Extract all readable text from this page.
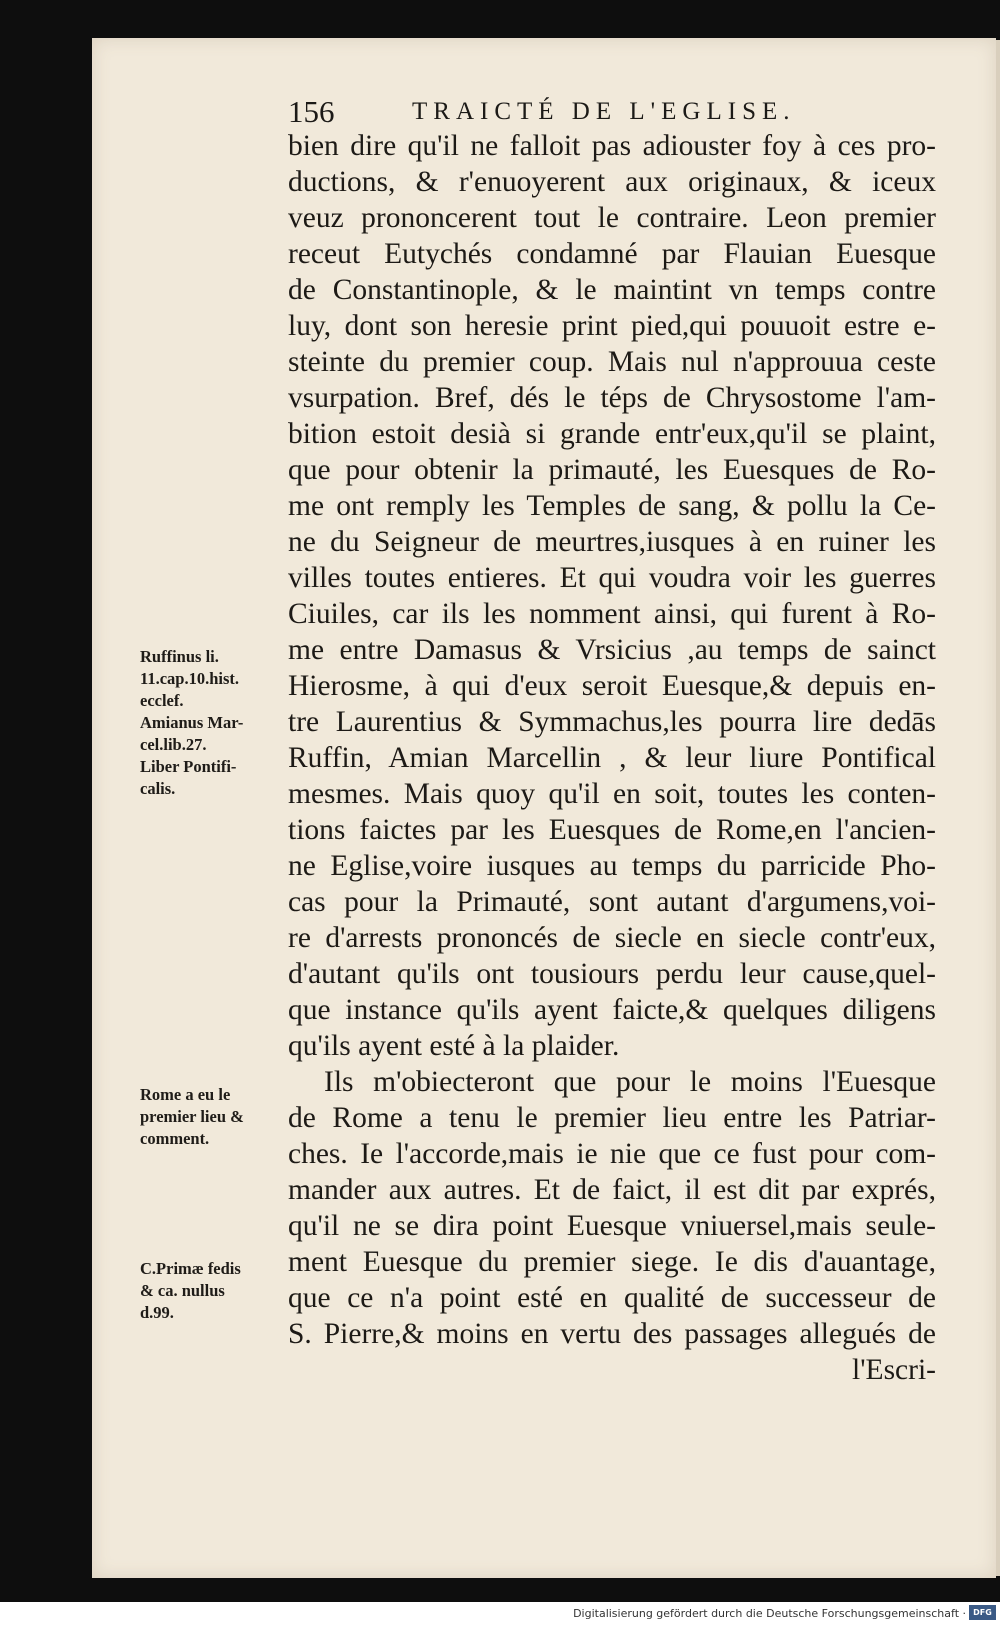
156	TRAICTÉ DE L'EGLISE.
bien dire qu'il ne falloit pas adiouster foy à ces pro-
ductions, & r'enuoyerent aux originaux, & iceux
veuz prononcerent tout le contraire. Leon premier
receut Eutychés condamné par Flauian Euesque
de Constantinople, & le maintint vn temps contre
luy, dont son heresie print pied,qui pouuoit estre e-
steinte du premier coup. Mais nul n'approuua ceste
vsurpation. Bref, dés le téps de Chrysostome l'am-
bition estoit desià si grande entr'eux,qu'il se plaint,
que pour obtenir la primauté, les Euesques de Ro-
me ont remply les Temples de sang, & pollu la Ce-
ne du Seigneur de meurtres,iusques à en ruiner les
villes toutes entieres. Et qui voudra voir les guerres
Ciuiles, car ils les nomment ainsi, qui furent à Ro-
me entre Damasus & Vrsicius ,au temps de sainct
Hierosme, à qui d'eux seroit Euesque,& depuis en-
tre Laurentius & Symmachus,les pourra lire dedās
Ruffin, Amian Marcellin , & leur liure Pontifical
mesmes. Mais quoy qu'il en soit, toutes les conten-
tions faictes par les Euesques de Rome,en l'ancien-
ne Eglise,voire iusques au temps du parricide Pho-
cas pour la Primauté, sont autant d'argumens,voi-
re d'arrests prononcés de siecle en siecle contr'eux,
d'autant qu'ils ont tousiours perdu leur cause,quel-
que instance qu'ils ayent faicte,& quelques diligens
qu'ils ayent esté à la plaider.
Ils m'obiecteront que pour le moins l'Euesque
de Rome a tenu le premier lieu entre les Patriar-
ches. Ie l'accorde,mais ie nie que ce fust pour com-
mander aux autres. Et de faict, il est dit par exprés,
qu'il ne se dira point Euesque vniuersel,mais seule-
ment Euesque du premier siege. Ie dis d'auantage,
que ce n'a point esté en qualité de successeur de
S. Pierre,& moins en vertu des passages allegués de
l'Escri-
Ruffinus li.
11.cap.10.hist.
ecclef.
Amianus Mar-
cel.lib.27.
Liber Pontifi-
calis.
Rome a eu le
premier lieu &
comment.
C.Primæ fedis
& ca. nullus
d.99.
Digitalisierung gefördert durch die Deutsche Forschungsgemeinschaft · DFG
